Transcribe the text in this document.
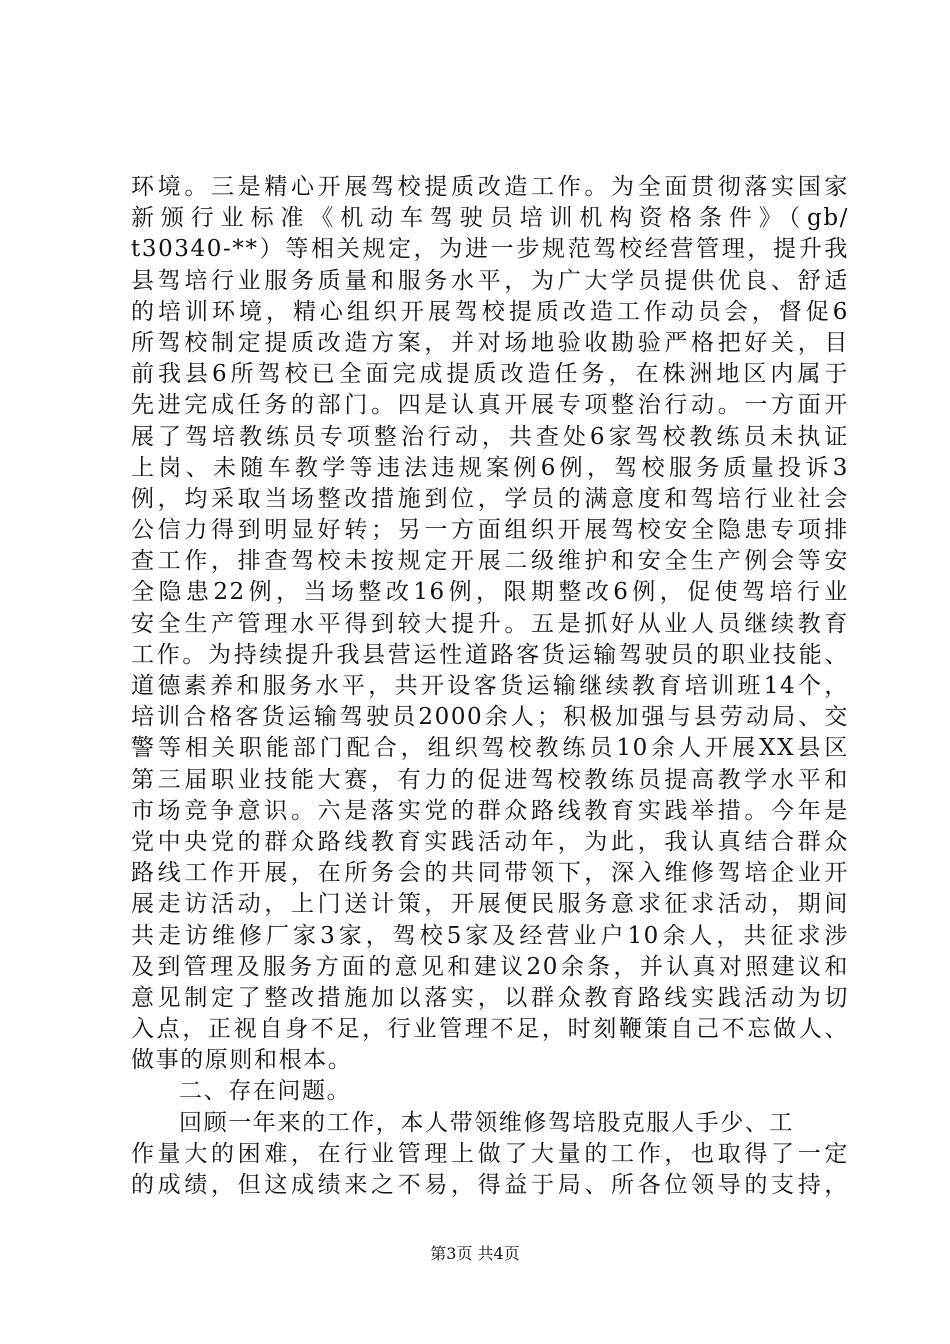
环境。三是精心开展驾校提质改造工作。为全面贯彻落实国家
新颁行业标准《机动车驾驶员培训机构资格条件》（gb/
t30340-**）等相关规定，为进一步规范驾校经营管理，提升我
县驾培行业服务质量和服务水平，为广大学员提供优良、舒适
的培训环境，精心组织开展驾校提质改造工作动员会，督促6
所驾校制定提质改造方案，并对场地验收勘验严格把好关，目
前我县6所驾校已全面完成提质改造任务，在株洲地区内属于
先进完成任务的部门。四是认真开展专项整治行动。一方面开
展了驾培教练员专项整治行动，共查处6家驾校教练员未执证
上岗、未随车教学等违法违规案例6例，驾校服务质量投诉3
例，均采取当场整改措施到位，学员的满意度和驾培行业社会
公信力得到明显好转；另一方面组织开展驾校安全隐患专项排
查工作，排查驾校未按规定开展二级维护和安全生产例会等安
全隐患22例，当场整改16例，限期整改6例，促使驾培行业
安全生产管理水平得到较大提升。五是抓好从业人员继续教育
工作。为持续提升我县营运性道路客货运输驾驶员的职业技能、
道德素养和服务水平，共开设客货运输继续教育培训班14个，
培训合格客货运输驾驶员2000余人；积极加强与县劳动局、交
警等相关职能部门配合，组织驾校教练员10余人开展XX县区
第三届职业技能大赛，有力的促进驾校教练员提高教学水平和
市场竞争意识。六是落实党的群众路线教育实践举措。今年是
党中央党的群众路线教育实践活动年，为此，我认真结合群众
路线工作开展，在所务会的共同带领下，深入维修驾培企业开
展走访活动，上门送计策，开展便民服务意求征求活动，期间
共走访维修厂家3家，驾校5家及经营业户10余人，共征求涉
及到管理及服务方面的意见和建议20余条，并认真对照建议和
意见制定了整改措施加以落实，以群众教育路线实践活动为切
入点，正视自身不足，行业管理不足，时刻鞭策自己不忘做人、
做事的原则和根本。
二、存在问题。
回顾一年来的工作，本人带领维修驾培股克服人手少、工
作量大的困难，在行业管理上做了大量的工作，也取得了一定
的成绩，但这成绩来之不易，得益于局、所各位领导的支持，
第3页 共4页
